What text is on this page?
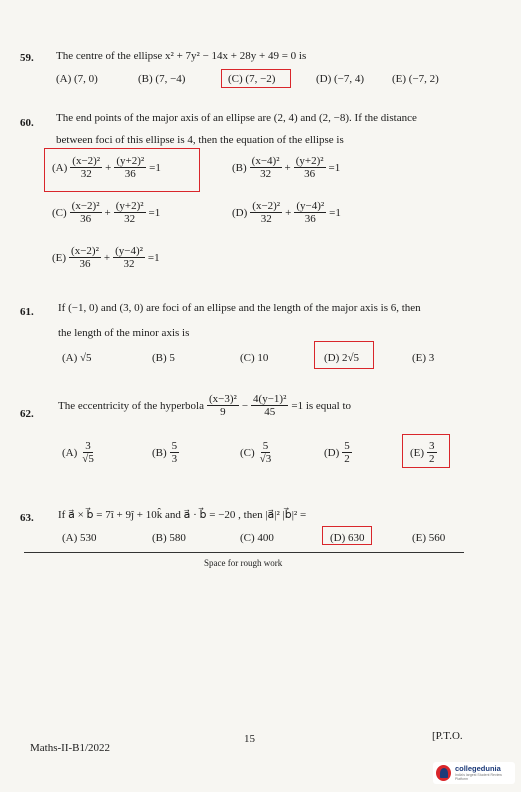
59. The centre of the ellipse x² + 7y² − 14x + 28y + 49 = 0 is
(A) (7, 0)	(B) (7, −4)	(C) (7, −2)	(D) (−7, 4)	(E) (−7, 2)
60. The end points of the major axis of an ellipse are (2, 4) and (2, −8). If the distance
between foci of this ellipse is 4, then the equation of the ellipse is
$(A) \frac{\text{(x−2)²}}{32} + \frac{\text{(y+2)²}}{36} =1$	$(B) \frac{\text{(x−4)²}}{32} + \frac{\text{(y+2)²}}{36} =1$
$(C) \frac{\text{(x−2)²}}{36} + \frac{\text{(y+2)²}}{32} =1$	$(D) \frac{\text{(x−2)²}}{32} + \frac{\text{(y−4)²}}{36} =1$
$(E) \frac{\text{(x−2)²}}{36} + \frac{\text{(y−4)²}}{32} =1$
61. If (−1, 0) and (3, 0) are foci of an ellipse and the length of the major axis is 6, then
the length of the minor axis is
(A) √5	(B) 5	(C) 10	(D) 2√5	(E) 3
62.
The eccentricity of the hyperbola $\frac{\text{(x−3)²}}{9} - \frac{\text{4(y−1)²}}{45} =1$ is equal to
$(A) \frac{3}{√5}$	$(B) \frac{5}{3}$	$(C) \frac{5}{√3}$	$(D) \frac{5}{2}$	$(E) \frac{3}{2}$
63. If a⃗ × b⃗ = 7î + 9ĵ + 10k̂ and a⃗ · b⃗ = −20 , then |a⃗|² |b⃗|² =
(A) 530	(B) 580	(C) 400	(D) 630	(E) 560
Space for rough work
Maths-II-B1/2022
15	[P.T.O.
collegedunia
India's largest Student Review Platform
